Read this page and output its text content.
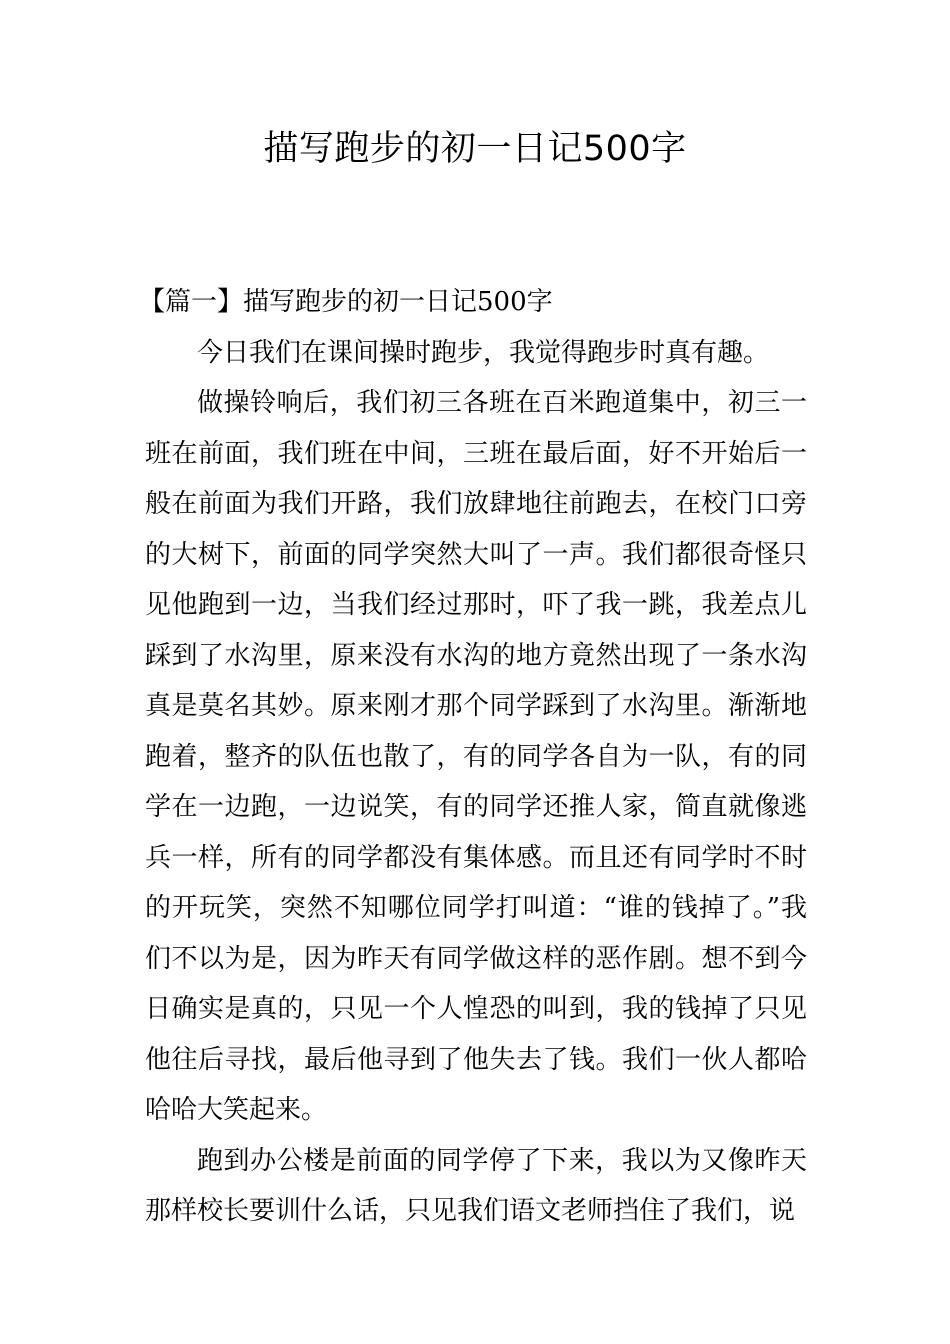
描写跑步的初一日记500字
【篇一】描写跑步的初一日记500字

今日我们在课间操时跑步，我觉得跑步时真有趣。

做操铃响后，我们初三各班在百米跑道集中，初三一班在前面，我们班在中间，三班在最后面，好不开始后一般在前面为我们开路，我们放肆地往前跑去，在校门口旁的大树下，前面的同学突然大叫了一声。我们都很奇怪只见他跑到一边，当我们经过那时，吓了我一跳，我差点儿踩到了水沟里，原来没有水沟的地方竟然出现了一条水沟真是莫名其妙。原来刚才那个同学踩到了水沟里。渐渐地跑着，整齐的队伍也散了，有的同学各自为一队，有的同学在一边跑，一边说笑，有的同学还推人家，简直就像逃兵一样，所有的同学都没有集体感。而且还有同学时不时的开玩笑，突然不知哪位同学打叫道：“谁的钱掉了。”我们不以为是，因为昨天有同学做这样的恶作剧。想不到今日确实是真的，只见一个人惶恐的叫到，我的钱掉了只见他往后寻找，最后他寻到了他失去了钱。我们一伙人都哈哈哈大笑起来。

跑到办公楼是前面的同学停了下来，我以为又像昨天那样校长要训什么话，只见我们语文老师挡住了我们，说
